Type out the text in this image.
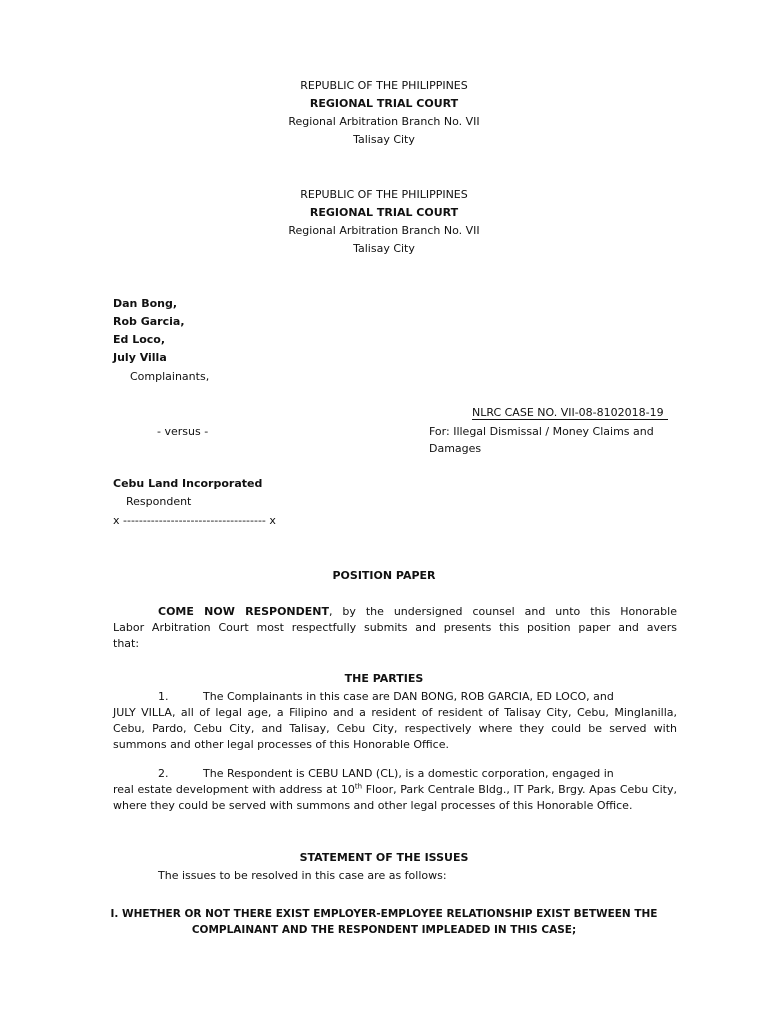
REPUBLIC OF THE PHILIPPINES
REGIONAL TRIAL COURT
Regional Arbitration Branch No. VII
Talisay City
REPUBLIC OF THE PHILIPPINES
REGIONAL TRIAL COURT
Regional Arbitration Branch No. VII
Talisay City
Dan Bong,
Rob Garcia,
Ed Loco,
July Villa
Complainants,
NLRC CASE NO. VII-08-8102018-19
- versus -	For: Illegal Dismissal / Money Claims and
Damages
Cebu Land Incorporated
Respondent
x ------------------------------------ x
POSITION PAPER
COME NOW RESPONDENT, by the undersigned counsel and unto this Honorable Labor Arbitration Court most respectfully submits and presents this position paper and avers that:
THE PARTIES
1.	The Complainants in this case are DAN BONG, ROB GARCIA, ED LOCO, and
JULY VILLA, all of legal age, a Filipino and a resident of resident of Talisay City, Cebu, Minglanilla, Cebu, Pardo, Cebu City, and Talisay, Cebu City, respectively where they could be served with summons and other legal processes of this Honorable Office.
2.	The Respondent is CEBU LAND (CL), is a domestic corporation, engaged in
real estate development with address at 10th Floor, Park Centrale Bldg., IT Park, Brgy. Apas Cebu City, where they could be served with summons and other legal processes of this Honorable Office.
STATEMENT OF THE ISSUES
The issues to be resolved in this case are as follows:
I. WHETHER OR NOT THERE EXIST EMPLOYER-EMPLOYEE RELATIONSHIP EXIST BETWEEN THE
COMPLAINANT AND THE RESPONDENT IMPLEADED IN THIS CASE;
